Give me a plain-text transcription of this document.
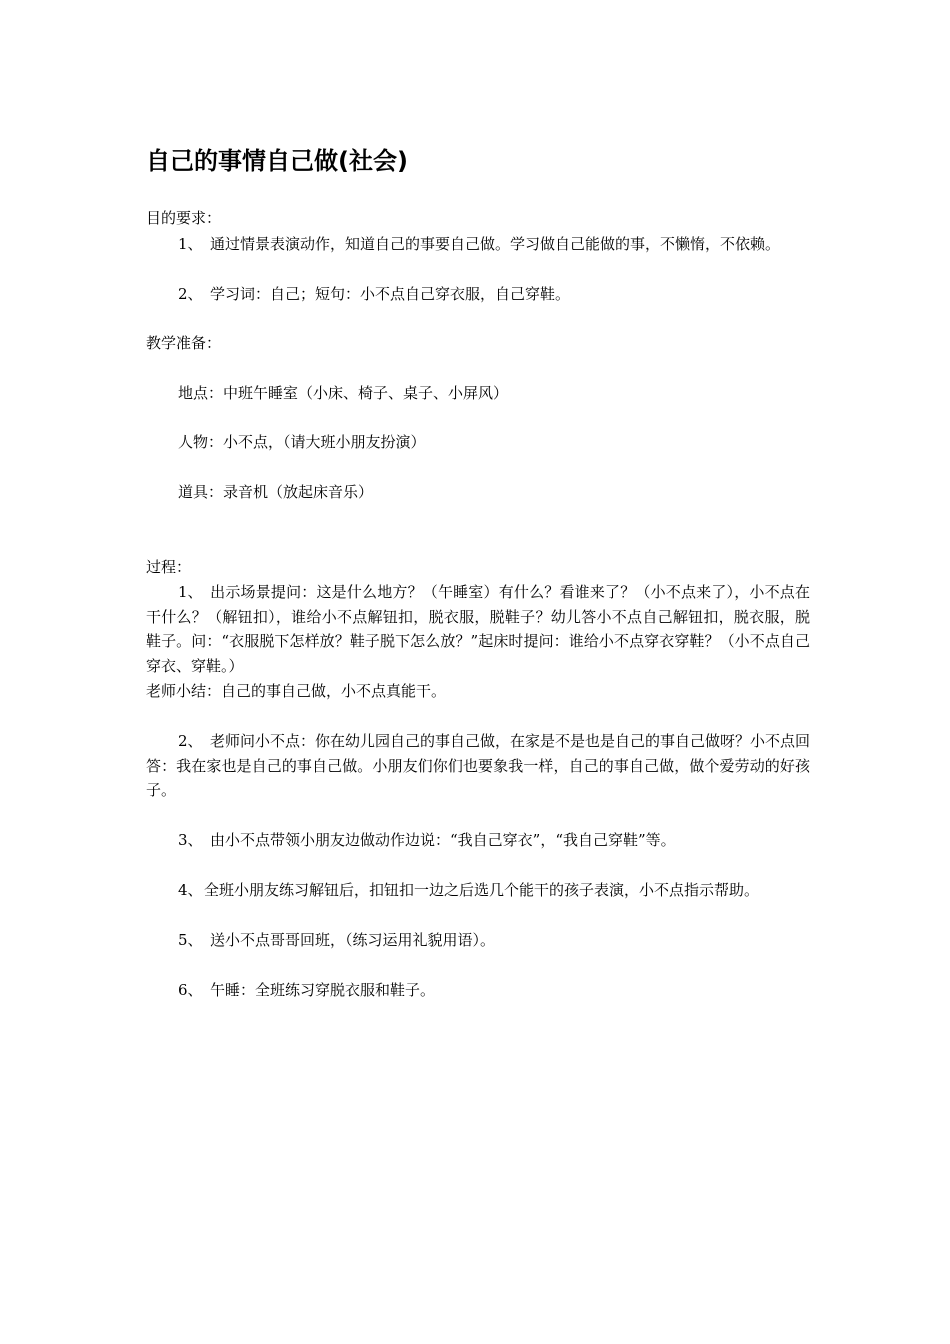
自己的事情自己做(社会)
目的要求：
1、 通过情景表演动作，知道自己的事要自己做。学习做自己能做的事，不懒惰，不依赖。
2、 学习词：自己；短句：小不点自己穿衣服，自己穿鞋。
教学准备：
地点：中班午睡室（小床、椅子、桌子、小屏风）
人物：小不点，（请大班小朋友扮演）
道具：录音机（放起床音乐）
过程：
1、 出示场景提问：这是什么地方？（午睡室）有什么？看谁来了？（小不点来了），小不点在干什么？（解钮扣），谁给小不点解钮扣，脱衣服，脱鞋子？幼儿答小不点自己解钮扣，脱衣服，脱鞋子。问：“衣服脱下怎样放？鞋子脱下怎么放？”起床时提问：谁给小不点穿衣穿鞋？（小不点自己穿衣、穿鞋。）
老师小结：自己的事自己做，小不点真能干。
2、 老师问小不点：你在幼儿园自己的事自己做，在家是不是也是自己的事自己做呀？小不点回答：我在家也是自己的事自己做。小朋友们你们也要象我一样，自己的事自己做，做个爱劳动的好孩子。
3、 由小不点带领小朋友边做动作边说：“我自己穿衣”，“我自己穿鞋”等。
4、全班小朋友练习解钮后，扣钮扣一边之后选几个能干的孩子表演，小不点指示帮助。
5、 送小不点哥哥回班，（练习运用礼貌用语）。
6、 午睡：全班练习穿脱衣服和鞋子。
